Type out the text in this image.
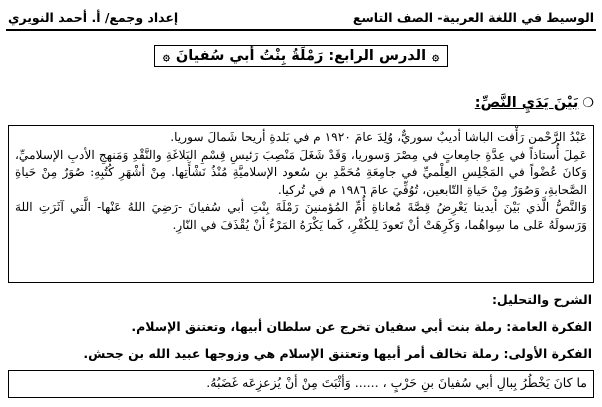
الوسيط في اللغة العربية- الصف التاسع
إعداد وجمع/ أ. أحمد النويري
۞
الدرس الرابع: رَمْلَةُ بِنْتُ أبي سُفيانَ
۞
❍
بَيْنَ يَدَيِ النَّصِّ:

عَبْدُ الرَّحْمن رَأْفت الباشا أديبٌ سوريٌّ، وُلِدَ عامَ ١٩٢٠ م في بَلدةِ أريحا شَمالَ سوريا.

عَمِلَ أُستاذاً في عِدَّةِ جامِعاتٍ في مِصْرَ وَسوريا، وَقَدْ شَغَلَ مَنْصِبَ رَئيسِ قِسْمِ البَلاغَةِ والنَّقْدِ وَمَنهجِ الأدبِ الإسلاميِّ، وَكانَ عُضْواً في المَجْلِسِ العِلْميِّ في جامِعَةِ مُحَمَّدِ بنِ سُعود الإسلاميَّةِ مُنْذُ نَشْأَتِها. مِنْ أشْهَرِ كُتُبِهِ: صُوَرٌ مِنْ حَياةِ الصَّحابةِ، وَصُوَرٌ مِنْ حَياةِ التّابعين، تُوُفِّيَ عامَ ١٩٨٦ م في تُركيا.

وَالنَّصُّ الَّذي بَيْنَ أيدينا يَعْرِضُ قِصَّةَ مُعاناةِ أُمِّ المُؤمنينَ رَمْلَةَ بِنْتِ أبي سُفيانَ -رَضِيَ اللهُ عَنْها- الَّتي آثَرَتِ اللهَ وَرَسولَهُ عَلى ما سِواهُما، وَكَرِهَتْ أنْ تَعودَ لِلكُفْرِ، كَما يَكْرَهُ المَرْءُ أنْ يُقْذَفَ في النّارِ.

الشرح والتحليل:
الفكرة العامة: رملة بنت أبي سفيان تخرج عن سلطان أبيها، وتعتنق الإسلام.
الفكرة الأولى: رملة تخالف أمر أبيها وتعتنق الإسلام هي وزوجها عبيد الله بن جحش.
ما كانَ يَخْطُرُ بِبالِ أبي سُفيانَ بنِ حَرْبٍ ، ...... وَأثْبَتَ مِنْ أنْ يُزعزِعَه غَضَبُهُ.
